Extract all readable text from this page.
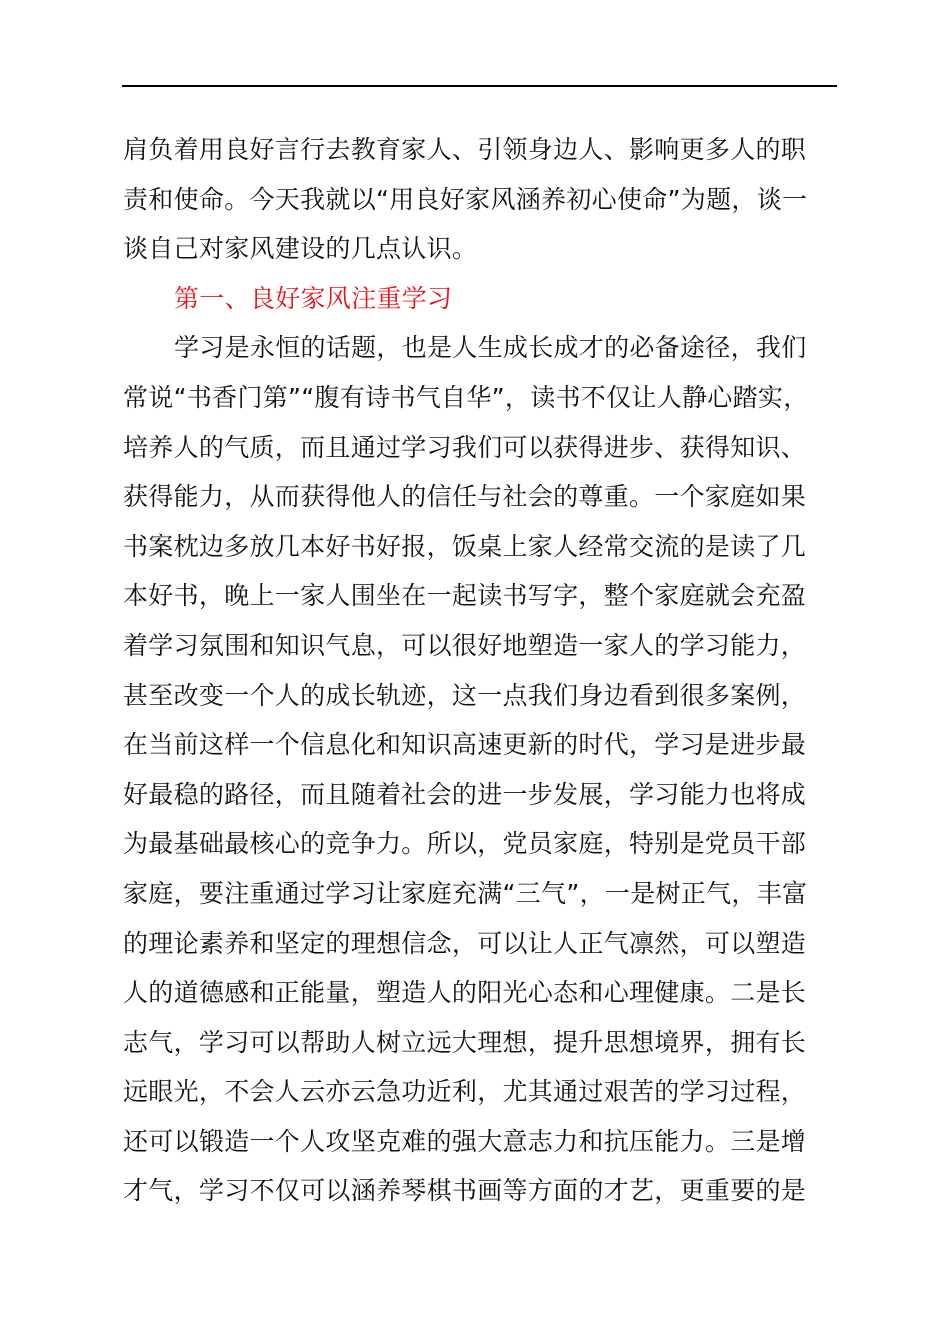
肩负着用良好言行去教育家人、引领身边人、影响更多人的职
责和使命。今天我就以“用良好家风涵养初心使命”为题，谈一
谈自己对家风建设的几点认识。
第一、良好家风注重学习
学习是永恒的话题，也是人生成长成才的必备途径，我们
常说“书香门第”“腹有诗书气自华”，读书不仅让人静心踏实，
培养人的气质，而且通过学习我们可以获得进步、获得知识、
获得能力，从而获得他人的信任与社会的尊重。一个家庭如果
书案枕边多放几本好书好报，饭桌上家人经常交流的是读了几
本好书，晚上一家人围坐在一起读书写字，整个家庭就会充盈
着学习氛围和知识气息，可以很好地塑造一家人的学习能力，
甚至改变一个人的成长轨迹，这一点我们身边看到很多案例，
在当前这样一个信息化和知识高速更新的时代，学习是进步最
好最稳的路径，而且随着社会的进一步发展，学习能力也将成
为最基础最核心的竞争力。所以，党员家庭，特别是党员干部
家庭，要注重通过学习让家庭充满“三气”，一是树正气，丰富
的理论素养和坚定的理想信念，可以让人正气凛然，可以塑造
人的道德感和正能量，塑造人的阳光心态和心理健康。二是长
志气，学习可以帮助人树立远大理想，提升思想境界，拥有长
远眼光，不会人云亦云急功近利，尤其通过艰苦的学习过程，
还可以锻造一个人攻坚克难的强大意志力和抗压能力。三是增
才气，学习不仅可以涵养琴棋书画等方面的才艺，更重要的是
